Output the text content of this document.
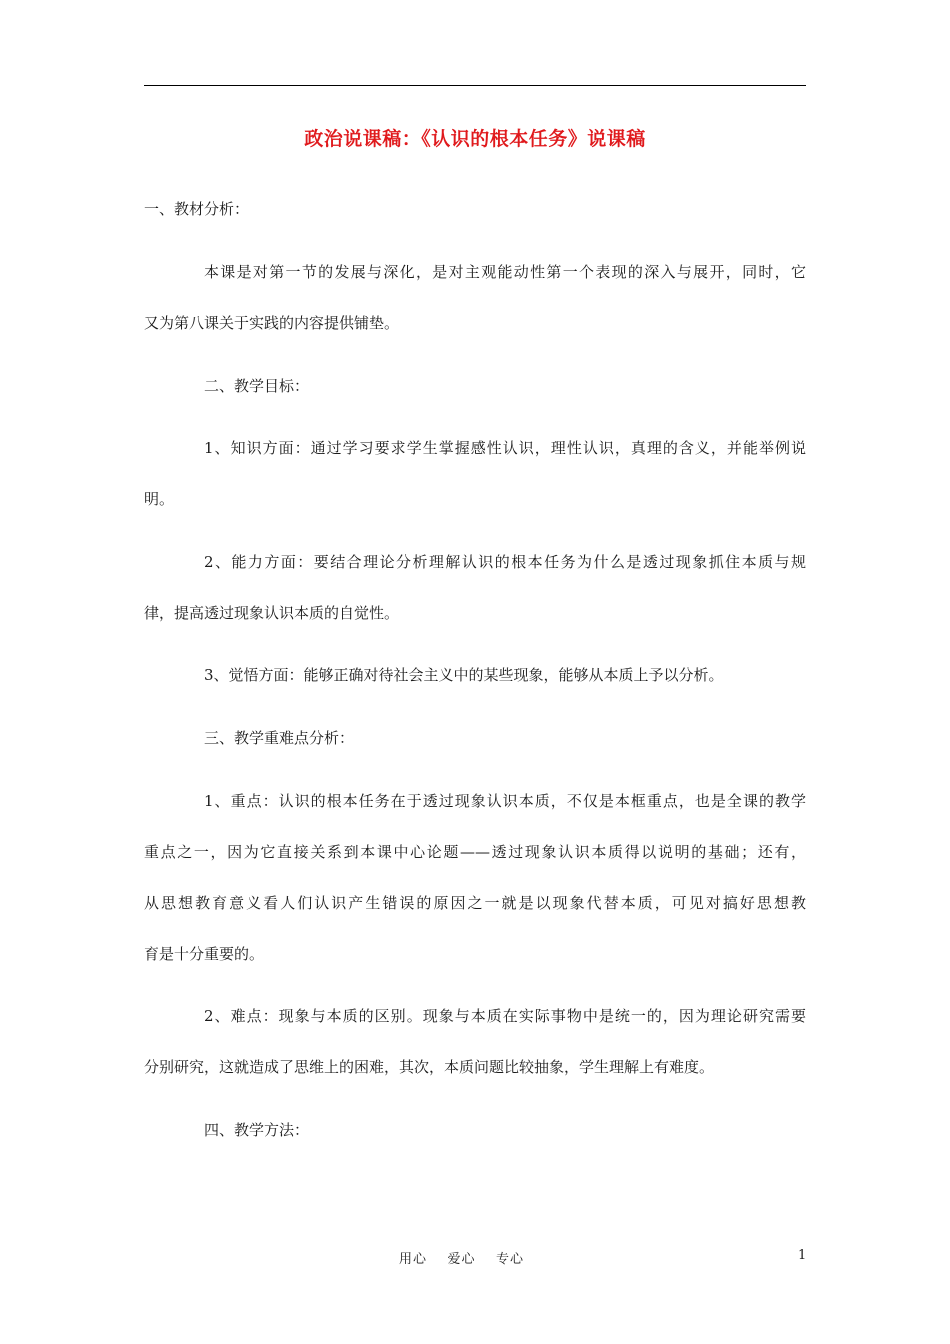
政治说课稿：《认识的根本任务》说课稿
一、教材分析：
本课是对第一节的发展与深化，是对主观能动性第一个表现的深入与展开，同时，它
又为第八课关于实践的内容提供铺垫。
二、教学目标：
1、知识方面：通过学习要求学生掌握感性认识，理性认识，真理的含义，并能举例说
明。
2、能力方面：要结合理论分析理解认识的根本任务为什么是透过现象抓住本质与规
律，提高透过现象认识本质的自觉性。
3、觉悟方面：能够正确对待社会主义中的某些现象，能够从本质上予以分析。
三、教学重难点分析：
1、重点：认识的根本任务在于透过现象认识本质，不仅是本框重点，也是全课的教学
重点之一，因为它直接关系到本课中心论题——透过现象认识本质得以说明的基础；还有，
从思想教育意义看人们认识产生错误的原因之一就是以现象代替本质，可见对搞好思想教
育是十分重要的。
2、难点：现象与本质的区别。现象与本质在实际事物中是统一的，因为理论研究需要
分别研究，这就造成了思维上的困难，其次，本质问题比较抽象，学生理解上有难度。
四、教学方法：
用心    爱心    专心	1
